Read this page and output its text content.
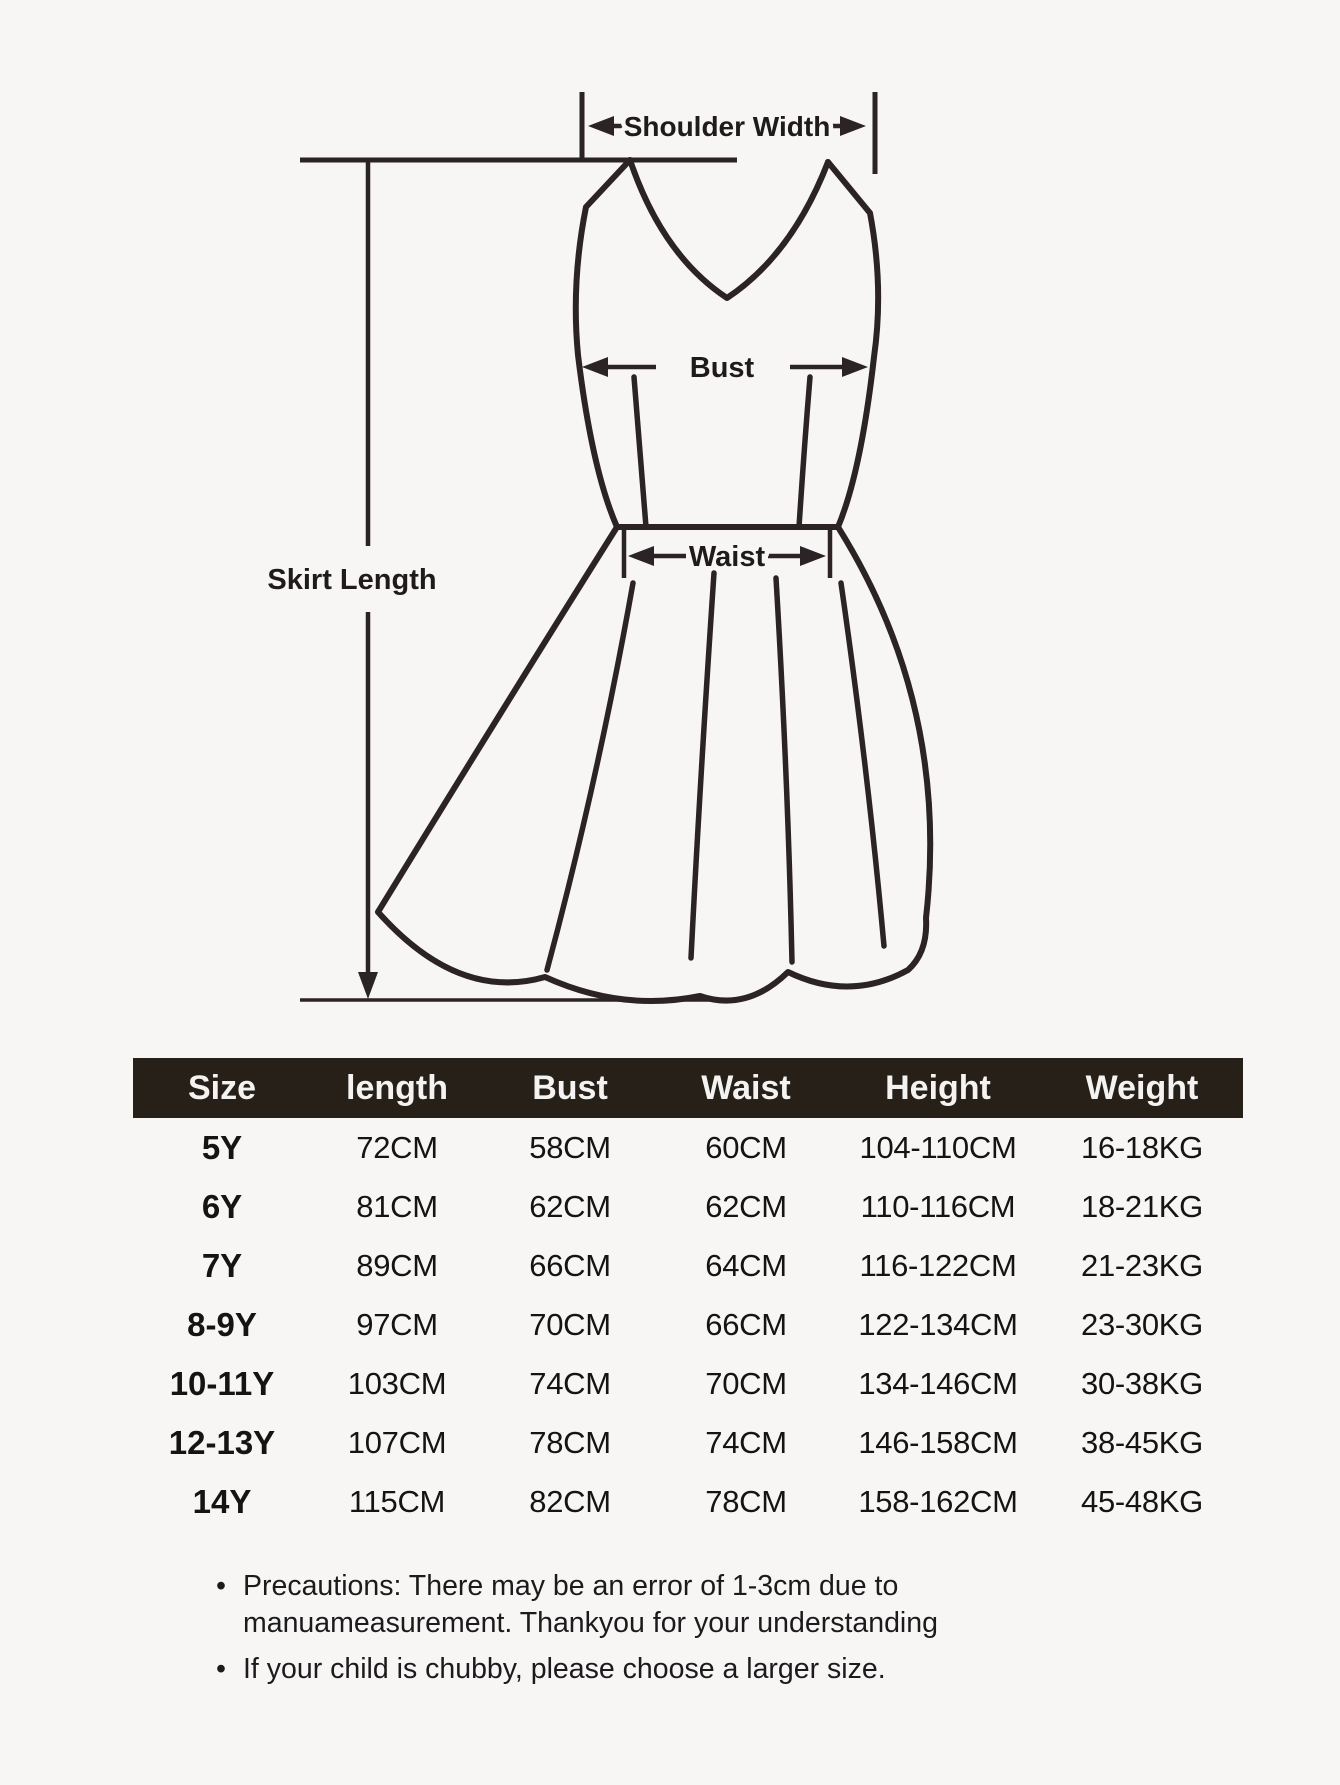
Shoulder Width
Bust
Waist
Skirt Length
Size	length	Bust	Waist	Height	Weight
5Y	72CM	58CM	60CM	104-110CM	16-18KG
6Y	81CM	62CM	62CM	110-116CM	18-21KG
7Y	89CM	66CM	64CM	116-122CM	21-23KG
8-9Y	97CM	70CM	66CM	122-134CM	23-30KG
10-11Y	103CM	74CM	70CM	134-146CM	30-38KG
12-13Y	107CM	78CM	74CM	146-158CM	38-45KG
14Y	115CM	82CM	78CM	158-162CM	45-48KG
• Precautions: There may be an error of 1-3cm due to manuameasurement. Thankyou for your understanding
• If your child is chubby, please choose a larger size.
